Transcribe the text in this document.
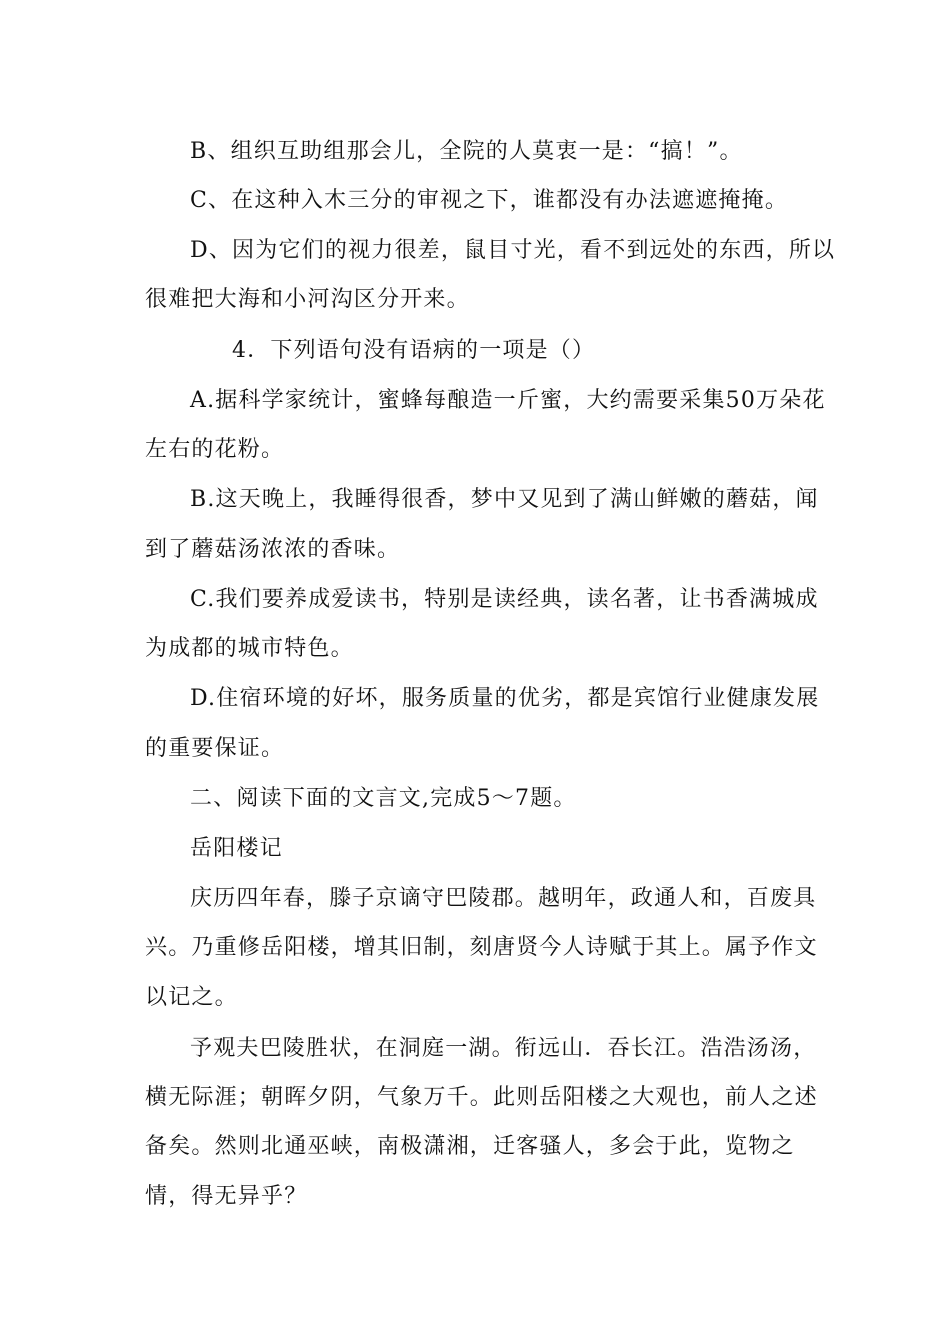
B、组织互助组那会儿，全院的人莫衷一是：“搞！”。
C、在这种入木三分的审视之下，谁都没有办法遮遮掩掩。
D、因为它们的视力很差，鼠目寸光，看不到远处的东西，所以
很难把大海和小河沟区分开来。
4．下列语句没有语病的一项是（）
A.据科学家统计，蜜蜂每酿造一斤蜜，大约需要采集50万朵花
左右的花粉。
B.这天晚上，我睡得很香，梦中又见到了满山鲜嫩的蘑菇，闻
到了蘑菇汤浓浓的香味。
C.我们要养成爱读书，特别是读经典，读名著，让书香满城成
为成都的城市特色。
D.住宿环境的好坏，服务质量的优劣，都是宾馆行业健康发展
的重要保证。
二、阅读下面的文言文,完成5～7题。
岳阳楼记
庆历四年春，滕子京谪守巴陵郡。越明年，政通人和，百废具
兴。乃重修岳阳楼，增其旧制，刻唐贤今人诗赋于其上。属予作文
以记之。
予观夫巴陵胜状，在洞庭一湖。衔远山．吞长江。浩浩汤汤，
横无际涯；朝晖夕阴，气象万千。此则岳阳楼之大观也，前人之述
备矣。然则北通巫峡，南极潇湘，迁客骚人，多会于此，览物之
情，得无异乎？
